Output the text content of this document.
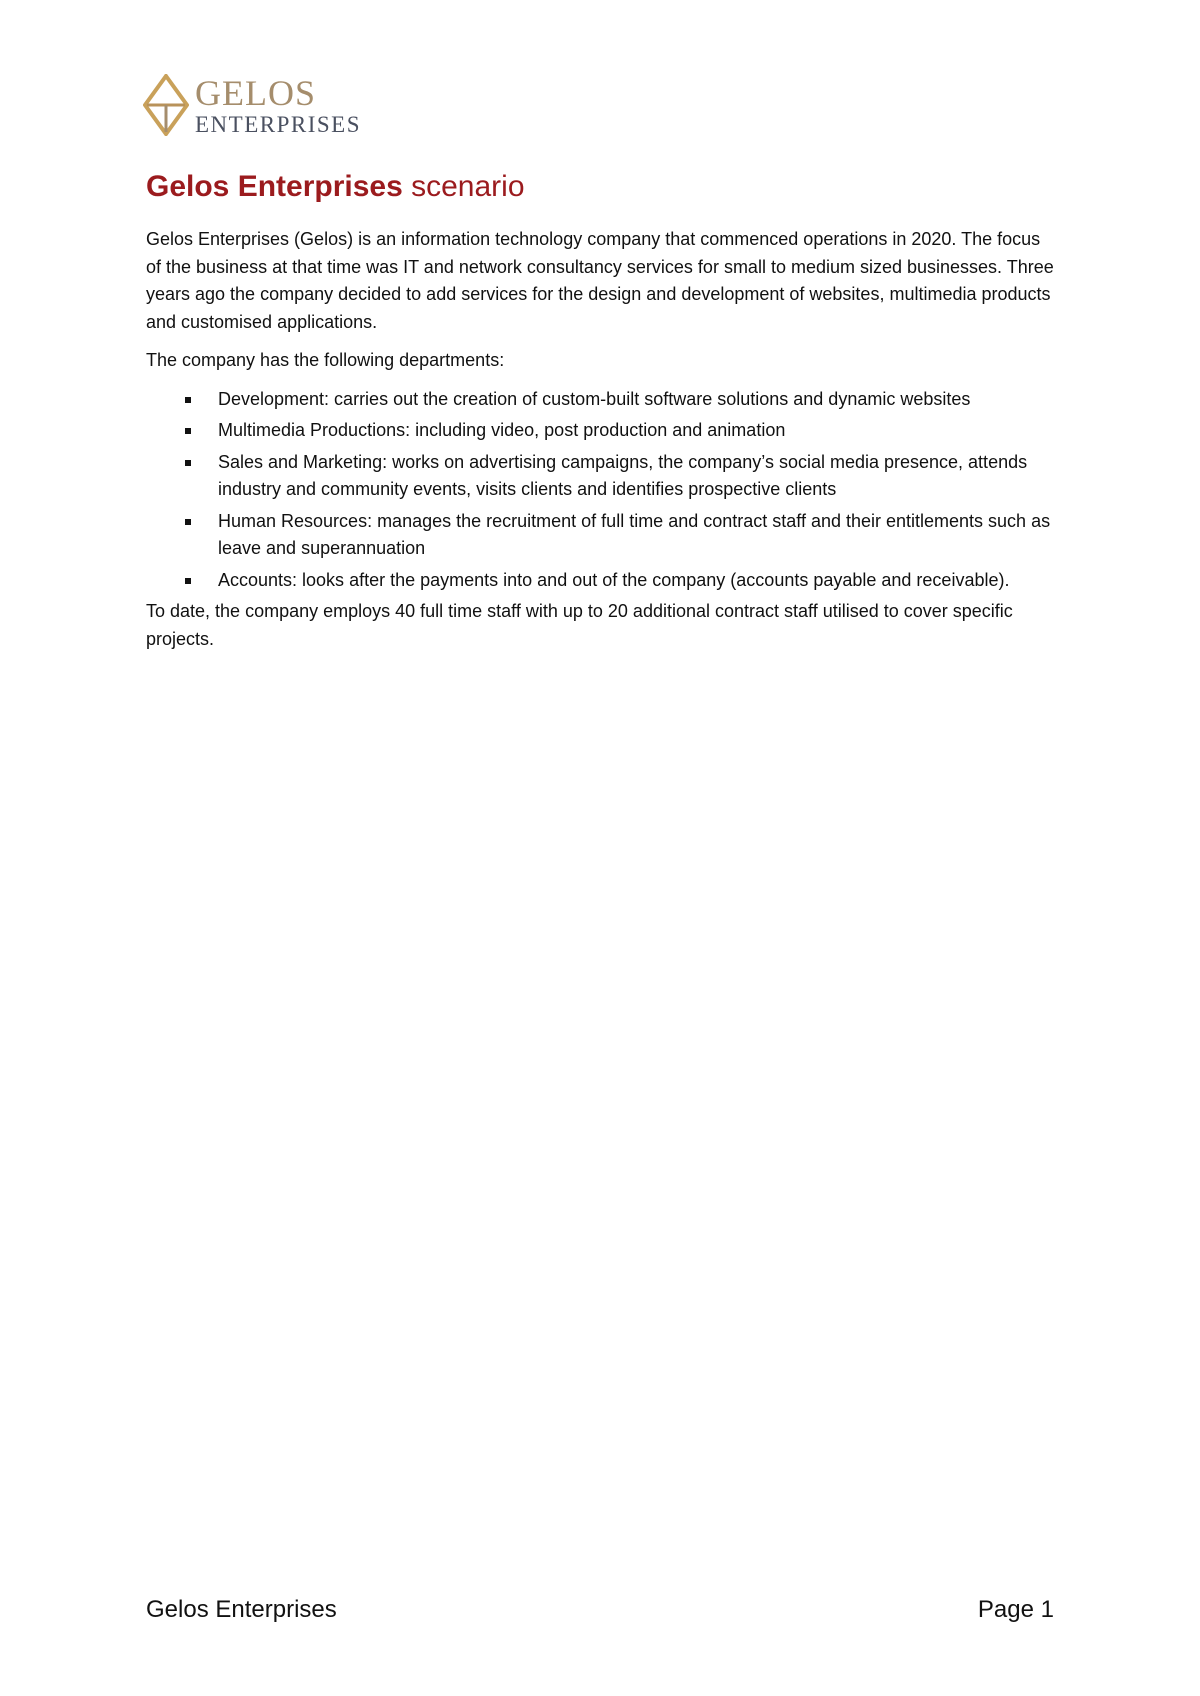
GELOS
ENTERPRISES
Gelos Enterprises scenario

Gelos Enterprises (Gelos) is an information technology company that commenced operations in 2020. The focus of the business at that time was IT and network consultancy services for small to medium sized businesses. Three years ago the company decided to add services for the design and development of websites, multimedia products and customised applications.

The company has the following departments:

Development: carries out the creation of custom-built software solutions and dynamic websites
Multimedia Productions: including video, post production and animation
Sales and Marketing: works on advertising campaigns, the company’s social media presence, attends industry and community events, visits clients and identifies prospective clients
Human Resources: manages the recruitment of full time and contract staff and their entitlements such as leave and superannuation
Accounts: looks after the payments into and out of the company (accounts payable and receivable).

To date, the company employs 40 full time staff with up to 20 additional contract staff utilised to cover specific projects.

Gelos Enterprises	Page 1
